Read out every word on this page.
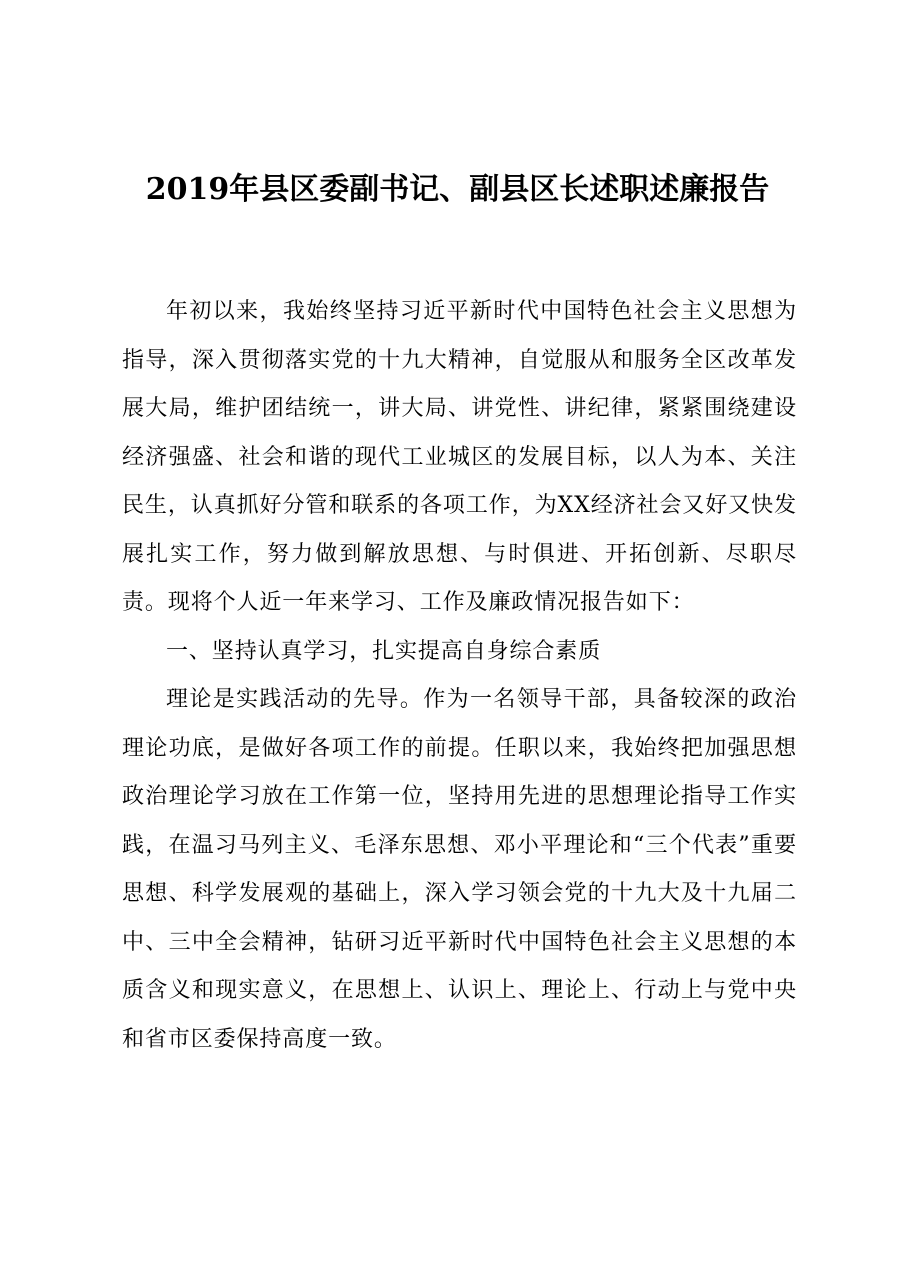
2019年县区委副书记、副县区长述职述廉报告

年初以来，我始终坚持习近平新时代中国特色社会主义思想为指导，深入贯彻落实党的十九大精神，自觉服从和服务全区改革发展大局，维护团结统一，讲大局、讲党性、讲纪律，紧紧围绕建设经济强盛、社会和谐的现代工业城区的发展目标，以人为本、关注民生，认真抓好分管和联系的各项工作，为XX经济社会又好又快发展扎实工作，努力做到解放思想、与时俱进、开拓创新、尽职尽责。现将个人近一年来学习、工作及廉政情况报告如下：

一、坚持认真学习，扎实提高自身综合素质

理论是实践活动的先导。作为一名领导干部，具备较深的政治理论功底，是做好各项工作的前提。任职以来，我始终把加强思想政治理论学习放在工作第一位，坚持用先进的思想理论指导工作实践，在温习马列主义、毛泽东思想、邓小平理论和“三个代表”重要思想、科学发展观的基础上，深入学习领会党的十九大及十九届二中、三中全会精神，钻研习近平新时代中国特色社会主义思想的本质含义和现实意义，在思想上、认识上、理论上、行动上与党中央和省市区委保持高度一致。
